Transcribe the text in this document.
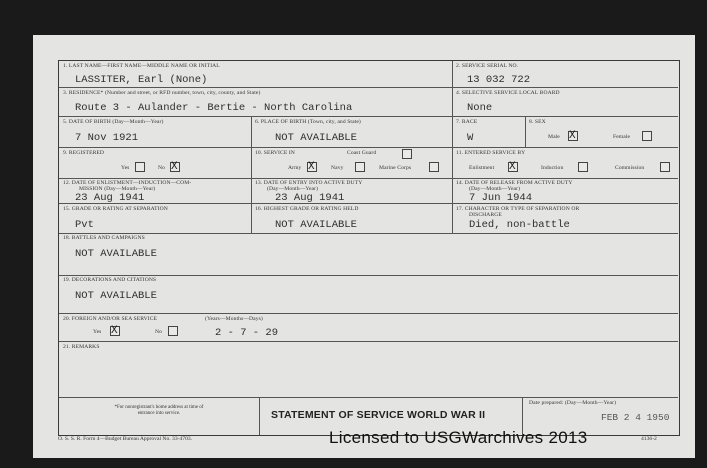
1. LAST NAME—FIRST NAME—MIDDLE NAME OR INITIAL
LASSITER, Earl (None)
2. SERVICE SERIAL NO.
13 032 722
3. RESIDENCE* (Number and street, or RFD number, town, city, county, and State)
Route 3 - Aulander - Bertie - North Carolina
4. SELECTIVE SERVICE LOCAL BOARD
None
5. DATE OF BIRTH (Day—Month—Year)
7 Nov 1921
6. PLACE OF BIRTH (Town, city, and State)
NOT AVAILABLE
7. RACE
W
8. SEX
Male X	Female
9. REGISTERED
Yes	No X
10. SERVICE IN	Coast Guard
Army X	Navy	Marine Corps
11. ENTERED SERVICE BY
Enlistment X	Induction	Commission
12. DATE OF ENLISTMENT—INDUCTION—COM-
MISSION (Day—Month—Year)
23 Aug 1941
13. DATE OF ENTRY INTO ACTIVE DUTY
(Day—Month—Year)
23 Aug 1941
14. DATE OF RELEASE FROM ACTIVE DUTY
(Day—Month—Year)
7 Jun 1944
15. GRADE OR RATING AT SEPARATION
Pvt
16. HIGHEST GRADE OR RATING HELD
NOT AVAILABLE
17. CHARACTER OR TYPE OF SEPARATION OR
DISCHARGE
Died, non-battle
18. BATTLES AND CAMPAIGNS
NOT AVAILABLE
19. DECORATIONS AND CITATIONS
NOT AVAILABLE
20. FOREIGN AND/OR SEA SERVICE	(Years—Months—Days)
Yes X	No	2 - 7 - 29
21. REMARKS
*For nonregistrant's home address at time of
entrance into service.	STATEMENT OF SERVICE WORLD WAR II
Date prepared: (Day—Month—Year)
FEB 2 4 1950
O. S. S. R. Form 4—Budget Bureau Approval No. 33-4703.	4136-2
Licensed to USGWarchives 2013
